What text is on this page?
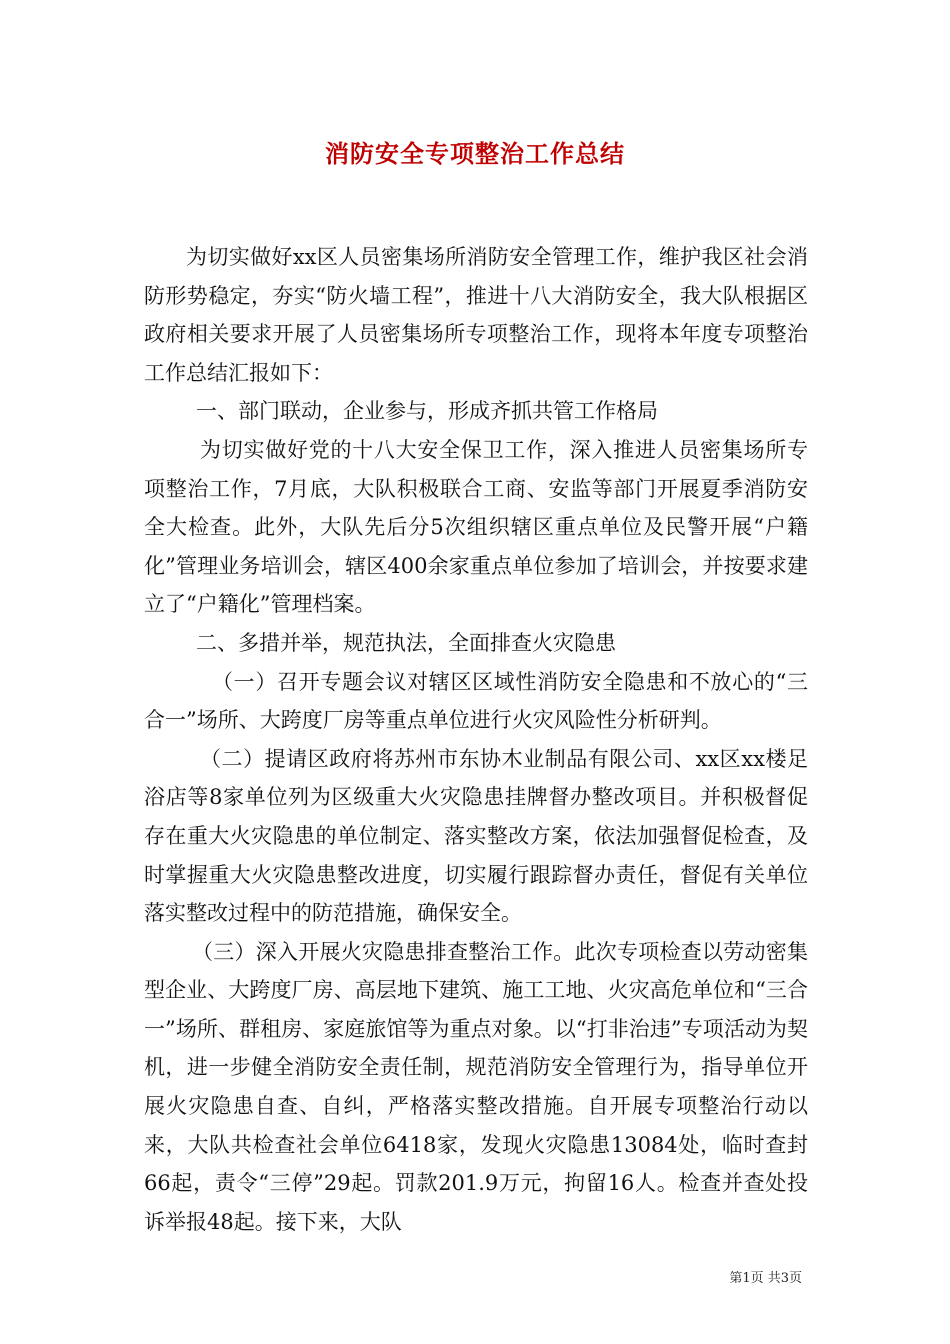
消防安全专项整治工作总结

为切实做好xx区人员密集场所消防安全管理工作，维护我区社会消防形势稳定，夯实“防火墙工程”，推进十八大消防安全，我大队根据区政府相关要求开展了人员密集场所专项整治工作，现将本年度专项整治工作总结汇报如下：

一、部门联动，企业参与，形成齐抓共管工作格局

为切实做好党的十八大安全保卫工作，深入推进人员密集场所专项整治工作，7月底，大队积极联合工商、安监等部门开展夏季消防安全大检查。此外，大队先后分5次组织辖区重点单位及民警开展“户籍化”管理业务培训会，辖区400余家重点单位参加了培训会，并按要求建立了“户籍化”管理档案。

二、多措并举，规范执法，全面排查火灾隐患

（一）召开专题会议对辖区区域性消防安全隐患和不放心的“三合一”场所、大跨度厂房等重点单位进行火灾风险性分析研判。

（二）提请区政府将苏州市东协木业制品有限公司、xx区xx楼足浴店等8家单位列为区级重大火灾隐患挂牌督办整改项目。并积极督促存在重大火灾隐患的单位制定、落实整改方案，依法加强督促检查，及时掌握重大火灾隐患整改进度，切实履行跟踪督办责任，督促有关单位落实整改过程中的防范措施，确保安全。

（三）深入开展火灾隐患排查整治工作。此次专项检查以劳动密集型企业、大跨度厂房、高层地下建筑、施工工地、火灾高危单位和“三合一”场所、群租房、家庭旅馆等为重点对象。以“打非治违”专项活动为契机，进一步健全消防安全责任制，规范消防安全管理行为，指导单位开展火灾隐患自查、自纠，严格落实整改措施。自开展专项整治行动以来，大队共检查社会单位6418家，发现火灾隐患13084处，临时查封66起，责令“三停”29起。罚款201.9万元，拘留16人。检查并查处投诉举报48起。接下来，大队

第1页 共3页
